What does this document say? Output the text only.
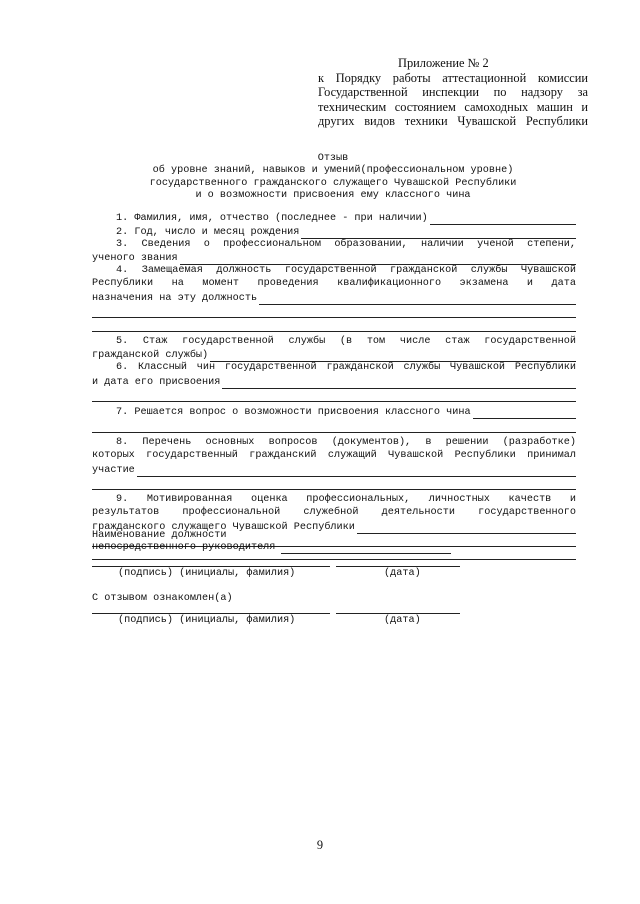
Приложение № 2
к Порядку работы аттестационной комиссии
Государственной инспекции по надзору за
техническим состоянием самоходных машин и
других видов техники Чувашской Республики
Отзыв
об уровне знаний, навыков и умений(профессиональном уровне)
государственного гражданского служащего Чувашской Республики
и о возможности присвоения ему классного чина
1. Фамилия, имя, отчество (последнее - при наличии)
2. Год, число и месяц рождения
3. Сведения о профессиональном образовании, наличии ученой степени,
ученого звания
4. Замещаемая должность государственной гражданской службы Чувашской
Республики на момент проведения квалификационного экзамена и дата
назначения на эту должность
5. Стаж государственной службы (в том числе стаж государственной
гражданской службы)
6. Классный чин государственной гражданской службы Чувашской Республики
и дата его присвоения
7. Решается вопрос о возможности присвоения классного чина
8. Перечень основных вопросов (документов), в решении (разработке)
которых государственный гражданский служащий Чувашской Республики принимал
участие
9. Мотивированная оценка профессиональных, личностных качеств и
результатов профессиональной служебной деятельности государственного
гражданского служащего Чувашской Республики
Наименование должности
непосредственного руководителя
(подпись) (инициалы, фамилия)	(дата)
С отзывом ознакомлен(а)
(подпись) (инициалы, фамилия)	(дата)
9
